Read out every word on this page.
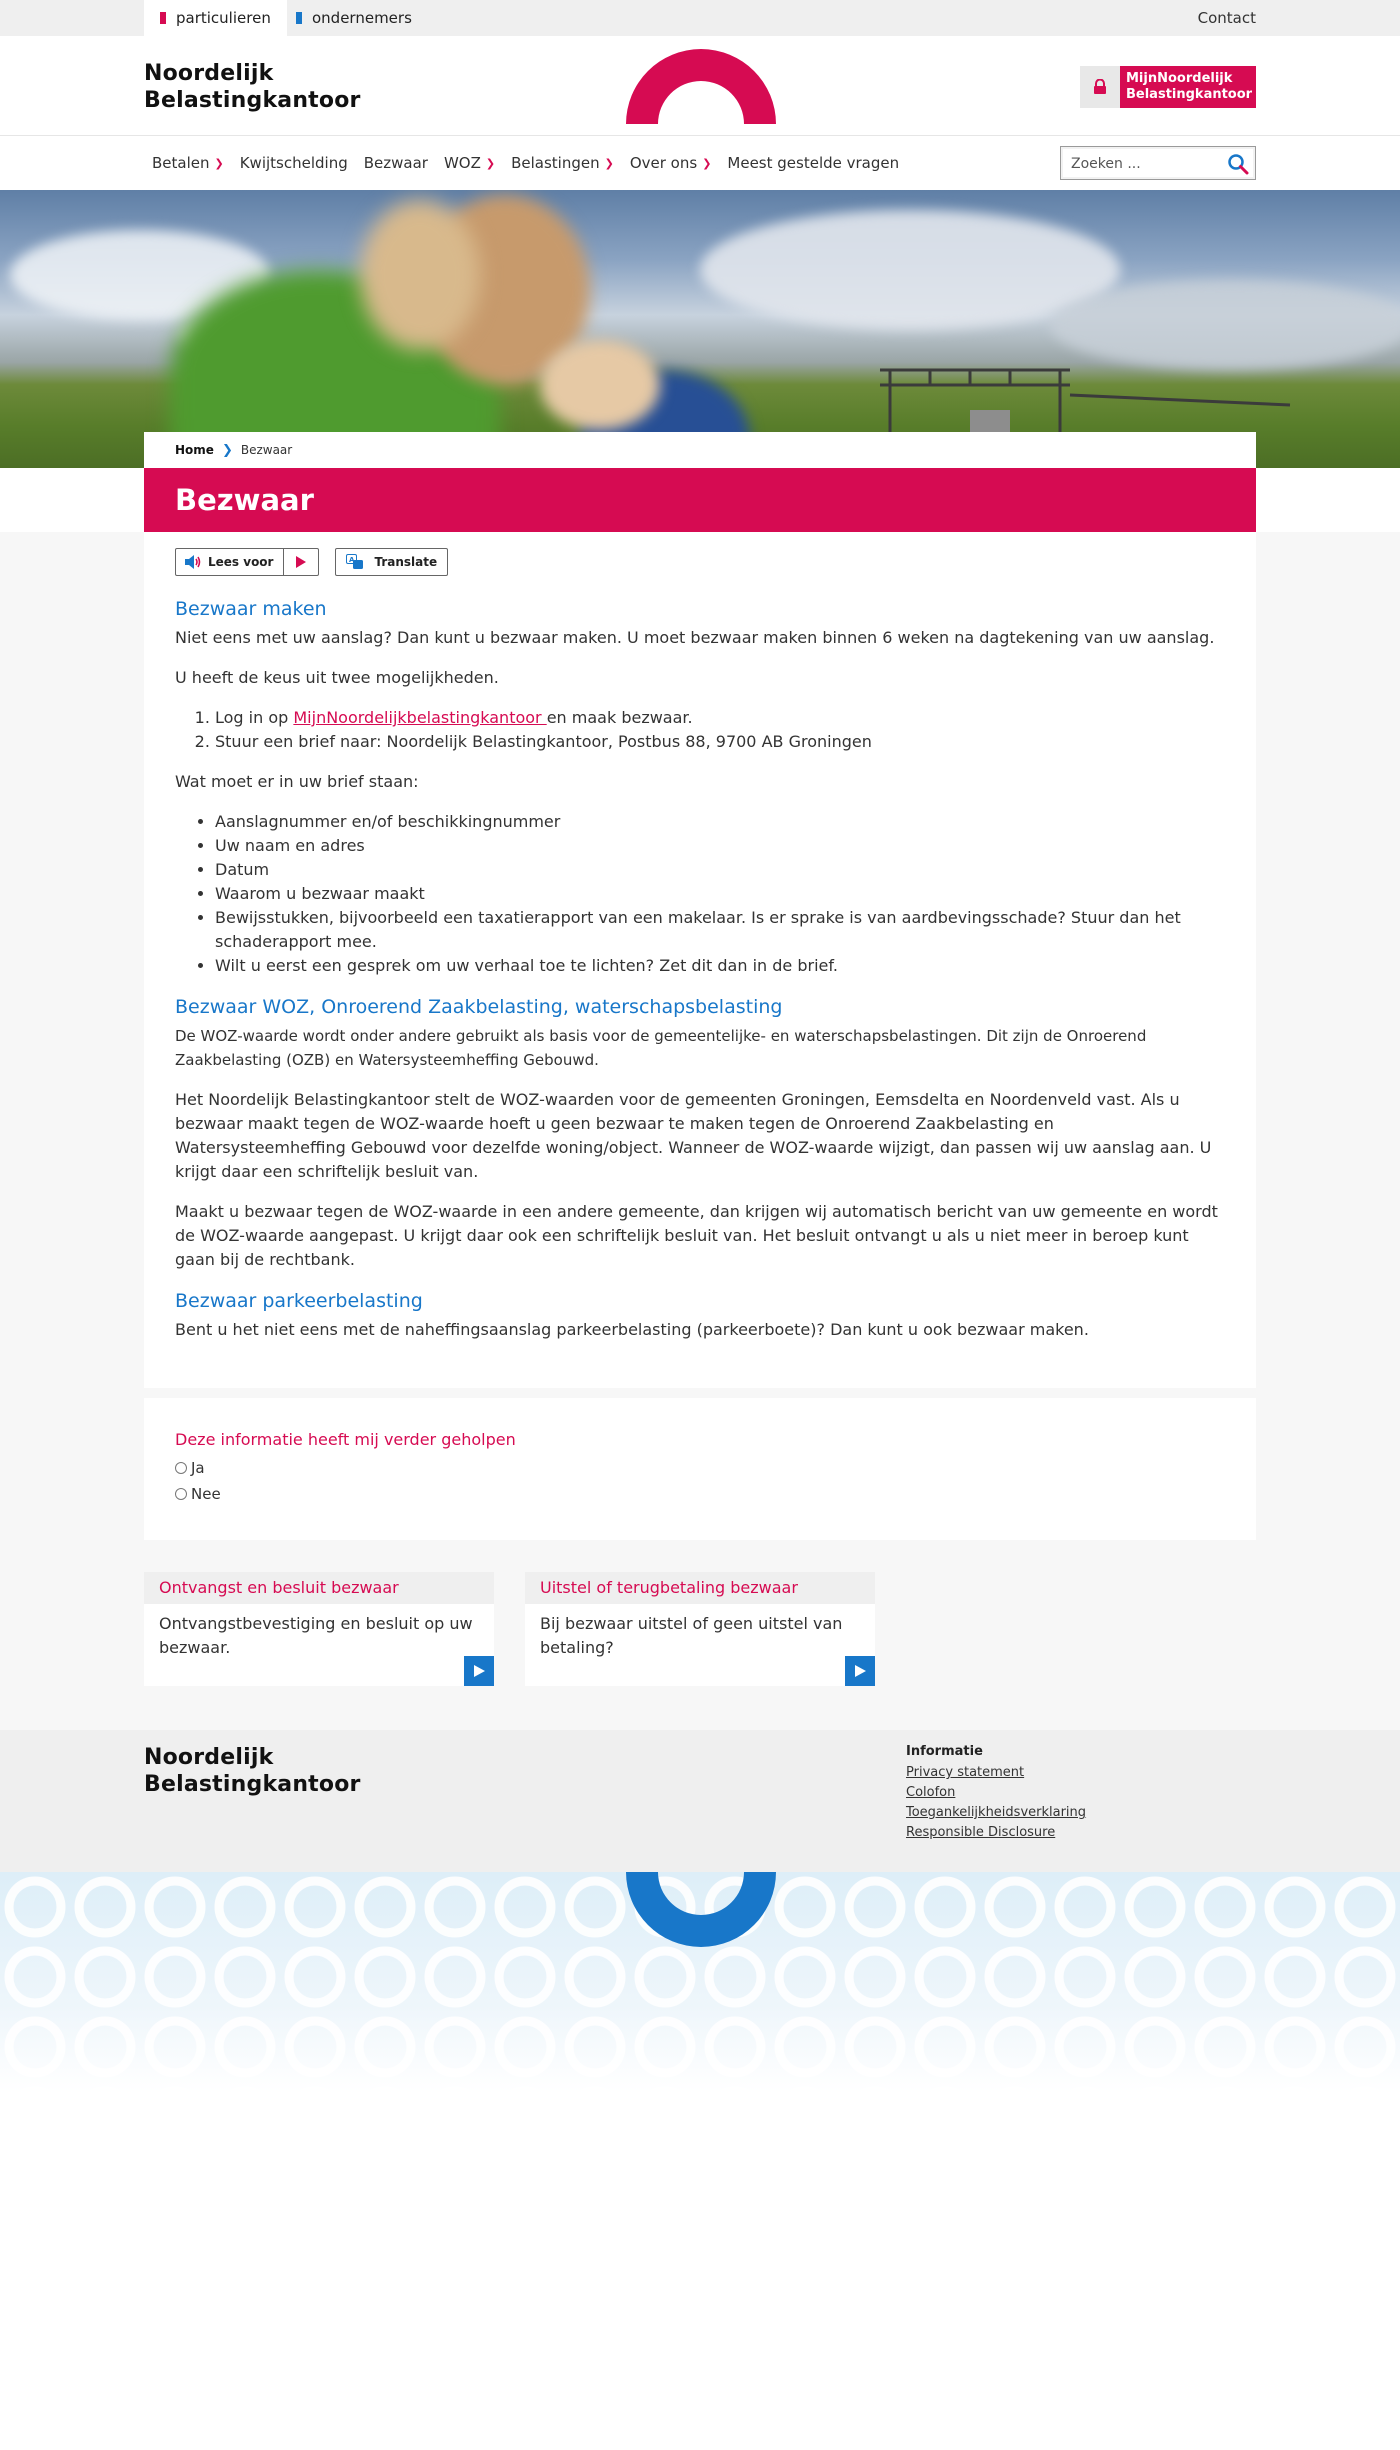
particulieren	ondernemers	Contact
Noordelijk
Belastingkantoor
MijnNoordelijk
Belastingkantoor
Betalen ❯ Kwijtschelding Bezwaar WOZ ❯ Belastingen ❯ Over ons ❯ Meest gestelde vragen
Zoeken ...
Home ❯ Bezwaar
Bezwaar
Lees voor	A Translate
Bezwaar maken

Niet eens met uw aanslag? Dan kunt u bezwaar maken. U moet bezwaar maken binnen 6 weken na dagtekening van uw aanslag.

U heeft de keus uit twee mogelijkheden.

1. Log in op MijnNoordelijkbelastingkantoor en maak bezwaar.
2. Stuur een brief naar: Noordelijk Belastingkantoor, Postbus 88, 9700 AB Groningen

Wat moet er in uw brief staan:

• Aanslagnummer en/of beschikkingnummer
• Uw naam en adres
• Datum
• Waarom u bezwaar maakt
• Bewijsstukken, bijvoorbeeld een taxatierapport van een makelaar. Is er sprake is van aardbevingsschade? Stuur dan het schaderapport mee.
• Wilt u eerst een gesprek om uw verhaal toe te lichten? Zet dit dan in de brief.
Bezwaar WOZ, Onroerend Zaakbelasting, waterschapsbelasting

De WOZ-waarde wordt onder andere gebruikt als basis voor de gemeentelijke- en waterschapsbelastingen. Dit zijn de Onroerend Zaakbelasting (OZB) en Watersysteemheffing Gebouwd.

Het Noordelijk Belastingkantoor stelt de WOZ-waarden voor de gemeenten Groningen, Eemsdelta en Noordenveld vast. Als u bezwaar maakt tegen de WOZ-waarde hoeft u geen bezwaar te maken tegen de Onroerend Zaakbelasting en Watersysteemheffing Gebouwd voor dezelfde woning/object. Wanneer de WOZ-waarde wijzigt, dan passen wij uw aanslag aan. U krijgt daar een schriftelijk besluit van.

Maakt u bezwaar tegen de WOZ-waarde in een andere gemeente, dan krijgen wij automatisch bericht van uw gemeente en wordt de WOZ-waarde aangepast. U krijgt daar ook een schriftelijk besluit van. Het besluit ontvangt u als u niet meer in beroep kunt gaan bij de rechtbank.

Bezwaar parkeerbelasting

Bent u het niet eens met de naheffingsaanslag parkeerbelasting (parkeerboete)? Dan kunt u ook bezwaar maken.

Deze informatie heeft mij verder geholpen
Ja
Nee
Ontvangst en besluit bezwaar
Ontvangstbevestiging en besluit op uw bezwaar.
Uitstel of terugbetaling bezwaar
Bij bezwaar uitstel of geen uitstel van betaling?
Noordelijk
Belastingkantoor
Informatie
Privacy statement
Colofon
Toegankelijkheidsverklaring
Responsible Disclosure
